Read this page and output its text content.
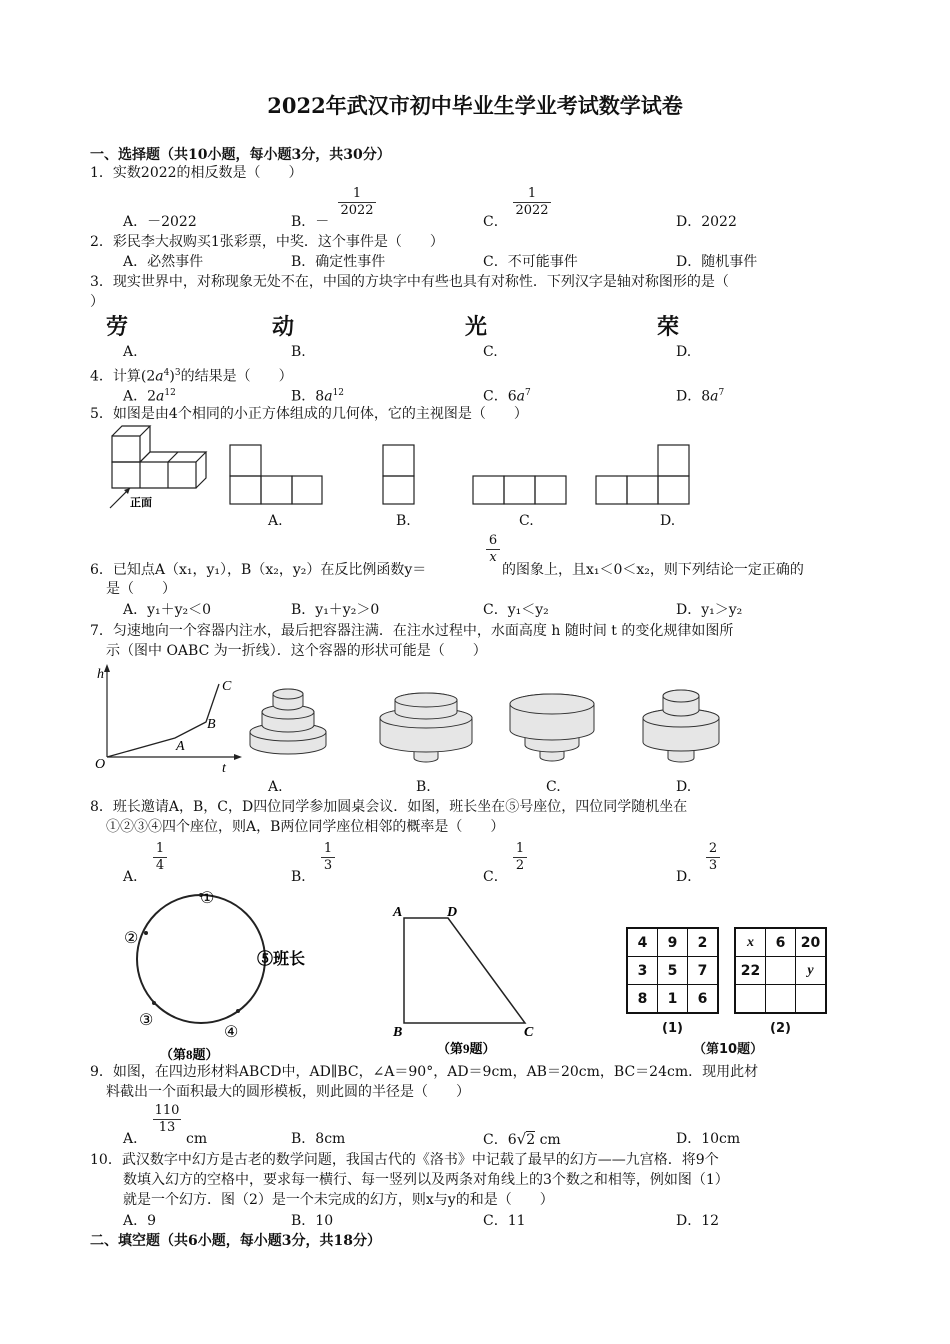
2022年武汉市初中毕业生学业考试数学试卷
一、选择题（共10小题，每小题3分，共30分）
1．实数2022的相反数是（　　）
A．－2022	B．－
1
2022
C．
1
2022
D．2022
2．彩民李大叔购买1张彩票，中奖．这个事件是（　　）
A．必然事件	B．确定性事件	C．不可能事件	D．随机事件
3．现实世界中，对称现象无处不在，中国的方块字中有些也具有对称性．下列汉字是轴对称图形的是（
）
劳	动	光	荣
A.	B.	C.	D.
4．计算$(2a^4)^3$的结果是（　　）
A．$2a^{12}$	B．$8a^{12}$	C．$6a^7$	D．$8a^7$
5．如图是由4个相同的小正方体组成的几何体，它的主视图是（　　）
正面
A.	B.	C.	D.
6．已知点A（x₁，y₁），B（x₂，y₂）在反比例函数y＝
6
x
的图象上，且x₁＜0＜x₂，则下列结论一定正确的
是（　　）
A．y₁＋y₂＜0	B．y₁＋y₂＞0	C．y₁＜y₂	D．y₁＞y₂
7．匀速地向一个容器内注水，最后把容器注满．在注水过程中，水面高度 h 随时间 t 的变化规律如图所
示（图中 OABC 为一折线）．这个容器的形状可能是（　　）
h
t
O
A
B
C
A.	B.	C.	D.
8．班长邀请A，B，C，D四位同学参加圆桌会议．如图，班长坐在⑤号座位，四位同学随机坐在
①②③④四个座位，则A，B两位同学座位相邻的概率是（　　）
A．
1
4
B．
1
3
C．
1
2
D．
2
3
①
②
③
④
⑤班长
（第8题）
A	D
B	C
（第9题）
4	9	2
3	5	7
8	1	6
x	6	20
22		y

(1)	(2)
（第10题）
9．如图，在四边形材料ABCD中，AD∥BC，∠A＝90°，AD＝9cm，AB＝20cm，BC＝24cm．现用此材
料截出一个面积最大的圆形模板，则此圆的半径是（　　）
A．
110
13
cm	B．8cm	C．6√2 cm	D．10cm
10．武汉数字中幻方是古老的数学问题，我国古代的《洛书》中记载了最早的幻方——九宫格．将9个
数填入幻方的空格中，要求每一横行、每一竖列以及两条对角线上的3个数之和相等，例如图（1）
就是一个幻方．图（2）是一个未完成的幻方，则x与y的和是（　　）
A．9	B．10	C．11	D．12
二、填空题（共6小题，每小题3分，共18分）
